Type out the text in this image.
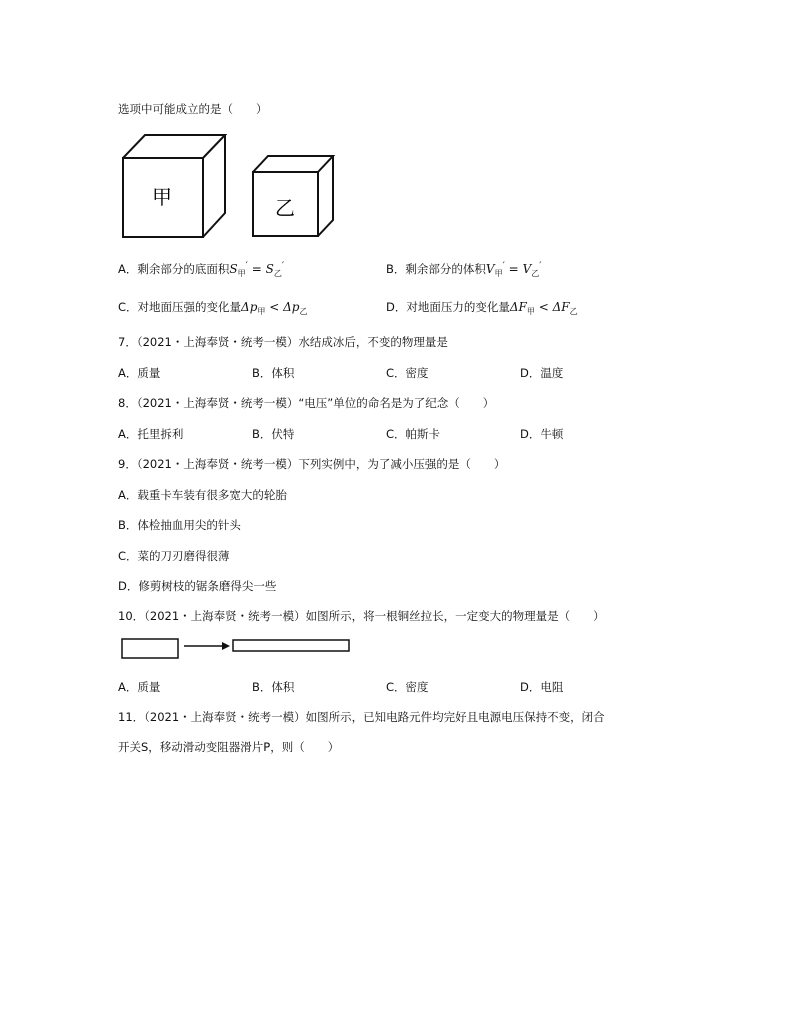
选项中可能成立的是（　　）
甲	乙
A．剩余部分的底面积$S_甲' = S_乙'$	B．剩余部分的体积$V_甲' = V_乙'$
C．对地面压强的变化量$\Delta p_甲 < \Delta p_乙$	D．对地面压力的变化量$\Delta F_甲 < \Delta F_乙$
7．（2021・上海奉贤・统考一模）水结成冰后，不变的物理量是
A．质量	B．体积	C．密度	D．温度
8．（2021・上海奉贤・统考一模）“电压”单位的命名是为了纪念（　　）
A．托里拆利	B．伏特	C．帕斯卡	D．牛顿
9．（2021・上海奉贤・统考一模）下列实例中，为了减小压强的是（　　）
A．载重卡车装有很多宽大的轮胎
B．体检抽血用尖的针头
C．菜的刀刃磨得很薄
D．修剪树枝的锯条磨得尖一些
10．（2021・上海奉贤・统考一模）如图所示，将一根铜丝拉长，一定变大的物理量是（　　）
A．质量	B．体积	C．密度	D．电阻
11．（2021・上海奉贤・统考一模）如图所示，已知电路元件均完好且电源电压保持不变，闭合
开关S，移动滑动变阻器滑片P，则（　　）
